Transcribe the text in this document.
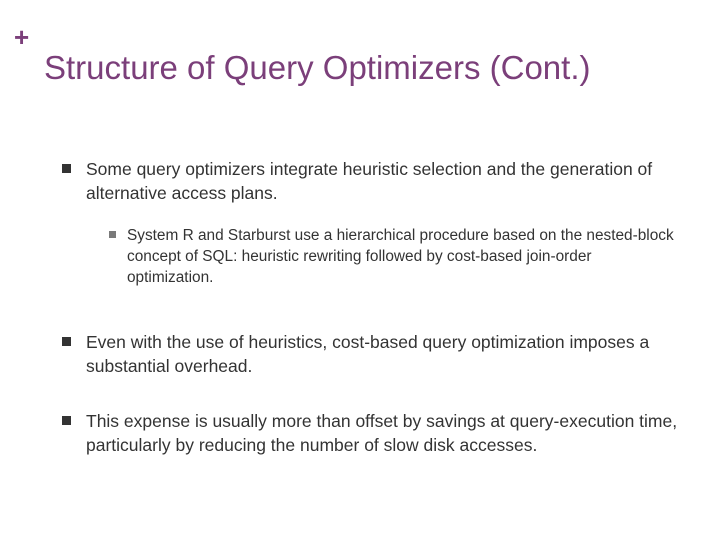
+
Structure of Query Optimizers (Cont.)
Some query optimizers integrate heuristic selection and the generation of alternative access plans.
System R and Starburst use a hierarchical procedure based on the nested-block concept of SQL: heuristic rewriting followed by cost-based join-order optimization.
Even with the use of heuristics, cost-based query optimization imposes a substantial overhead.
This expense is usually more than offset by savings at query-execution time, particularly by reducing the number of slow disk accesses.
